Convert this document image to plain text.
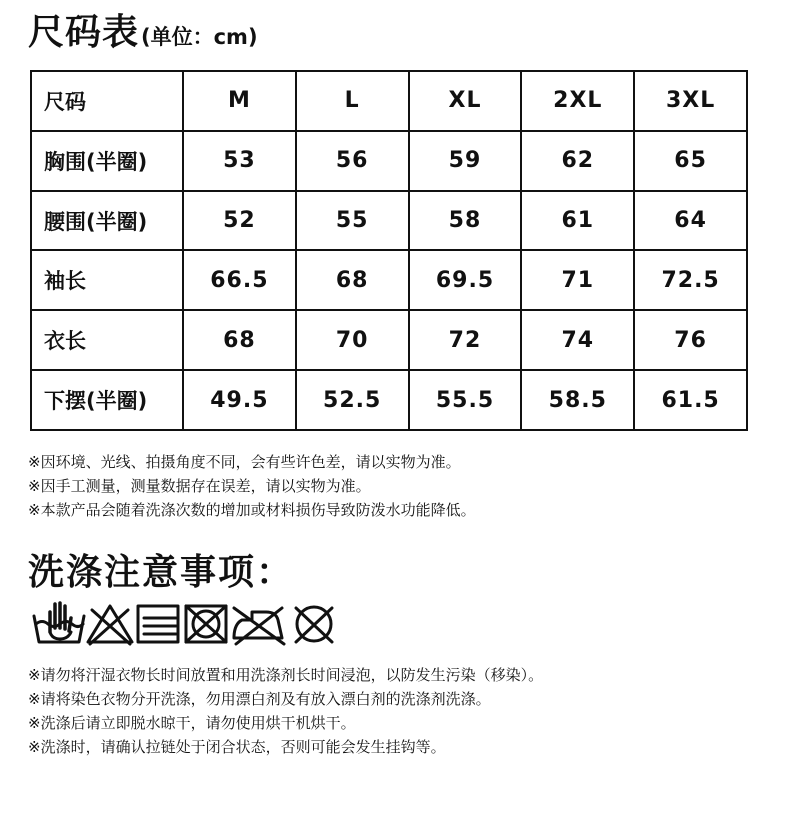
尺码表 (单位：cm)
尺码	M	L	XL	2XL	3XL
胸围(半圈)	53	56	59	62	65
腰围(半圈)	52	55	58	61	64
袖长	66.5	68	69.5	71	72.5
衣长	68	70	72	74	76
下摆(半圈)	49.5	52.5	55.5	58.5	61.5
※因环境、光线、拍摄角度不同，会有些许色差，请以实物为准。
※因手工测量，测量数据存在误差，请以实物为准。
※本款产品会随着洗涤次数的增加或材料损伤导致防泼水功能降低。
洗涤注意事项：
※请勿将汗湿衣物长时间放置和用洗涤剂长时间浸泡，以防发生污染（移染）。
※请将染色衣物分开洗涤，勿用漂白剂及有放入漂白剂的洗涤剂洗涤。
※洗涤后请立即脱水晾干，请勿使用烘干机烘干。
※洗涤时，请确认拉链处于闭合状态，否则可能会发生挂钩等。
